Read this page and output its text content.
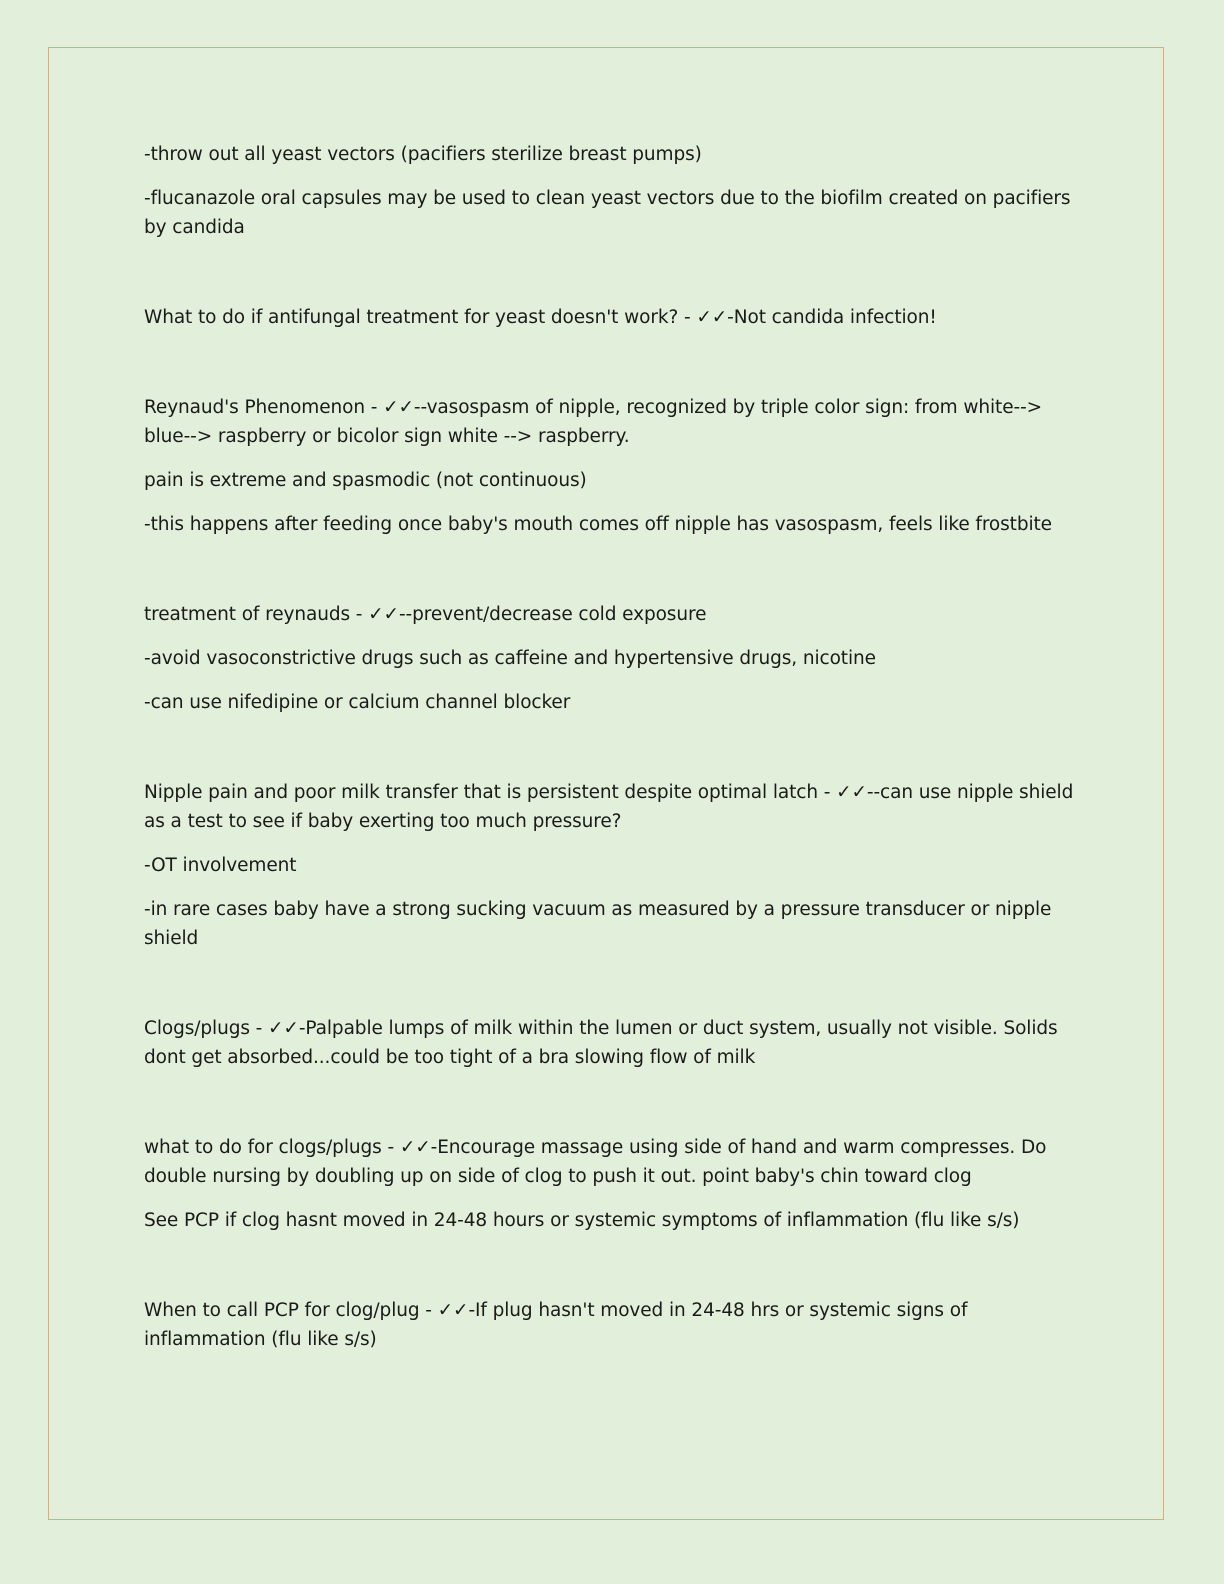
-throw out all yeast vectors (pacifiers sterilize breast pumps)

-flucanazole oral capsules may be used to clean yeast vectors due to the biofilm created on pacifiers by candida

What to do if antifungal treatment for yeast doesn't work? - ✓✓-Not candida infection!

Reynaud's Phenomenon - ✓✓--vasospasm of nipple, recognized by triple color sign: from white--> blue--> raspberry or bicolor sign white --> raspberry.

pain is extreme and spasmodic (not continuous)

-this happens after feeding once baby's mouth comes off nipple has vasospasm, feels like frostbite

treatment of reynauds - ✓✓--prevent/decrease cold exposure

-avoid vasoconstrictive drugs such as caffeine and hypertensive drugs, nicotine

-can use nifedipine or calcium channel blocker

Nipple pain and poor milk transfer that is persistent despite optimal latch - ✓✓--can use nipple shield as a test to see if baby exerting too much pressure?

-OT involvement

-in rare cases baby have a strong sucking vacuum as measured by a pressure transducer or nipple shield

Clogs/plugs - ✓✓-Palpable lumps of milk within the lumen or duct system, usually not visible. Solids dont get absorbed...could be too tight of a bra slowing flow of milk

what to do for clogs/plugs - ✓✓-Encourage massage using side of hand and warm compresses. Do double nursing by doubling up on side of clog to push it out. point baby's chin toward clog

See PCP if clog hasnt moved in 24-48 hours or systemic symptoms of inflammation (flu like s/s)

When to call PCP for clog/plug - ✓✓-If plug hasn't moved in 24-48 hrs or systemic signs of inflammation (flu like s/s)
